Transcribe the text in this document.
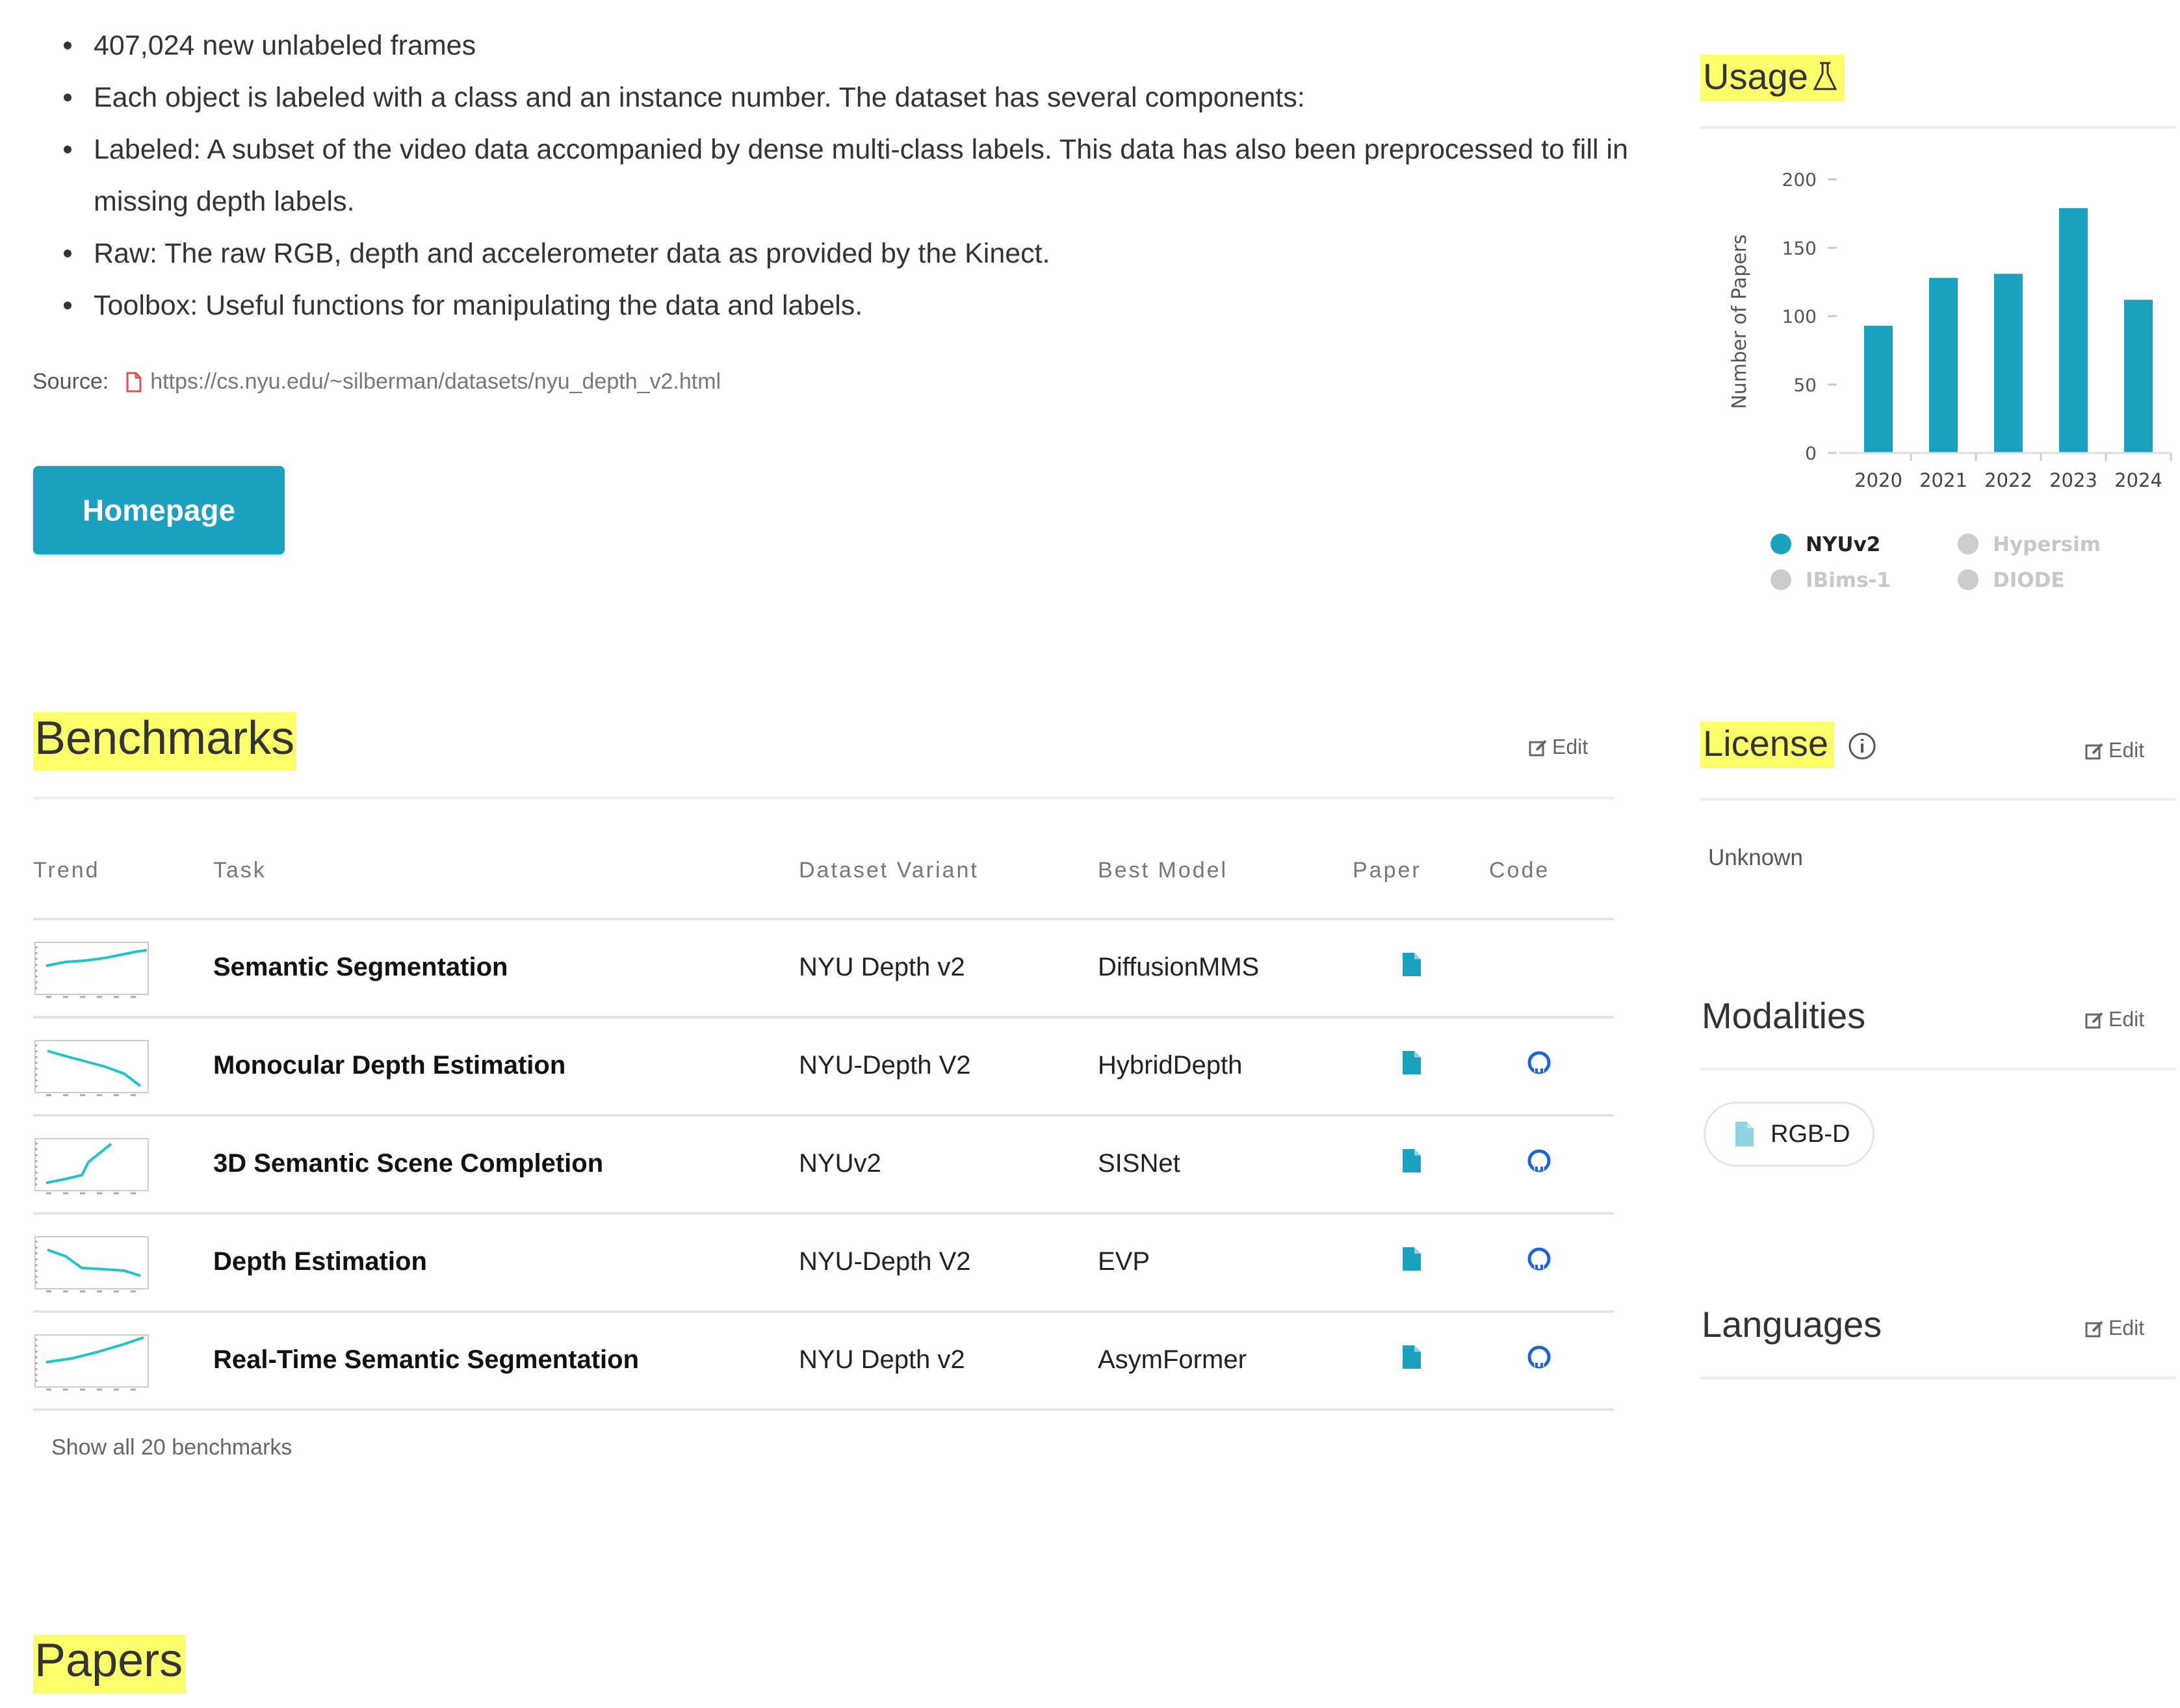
407,024 new unlabeled frames
Each object is labeled with a class and an instance number. The dataset has several components:
Labeled: A subset of the video data accompanied by dense multi-class labels. This data has also been preprocessed to fill in missing depth labels.
Raw: The raw RGB, depth and accelerometer data as provided by the Kinect.
Toolbox: Useful functions for manipulating the data and labels.
Source: https://cs.nyu.edu/~silberman/datasets/nyu_depth_v2.html
Homepage
Benchmarks	Edit
Trend	Task	Dataset Variant	Best Model	Paper	Code
Semantic Segmentation	NYU Depth v2	DiffusionMMS
Monocular Depth Estimation	NYU-Depth V2	HybridDepth
3D Semantic Scene Completion	NYUv2	SISNet
Depth Estimation	NYU-Depth V2	EVP
Real-Time Semantic Segmentation	NYU Depth v2	AsymFormer
Show all 20 benchmarks
Papers
Usage
Number of Papers
0
50
100
150
200
2020 2021 2022 2023 2024
NYUv2	Hypersim
IBims-1	DIODE
License
	Edit
Unknown
Modalities	Edit
RGB-D
Languages	Edit
